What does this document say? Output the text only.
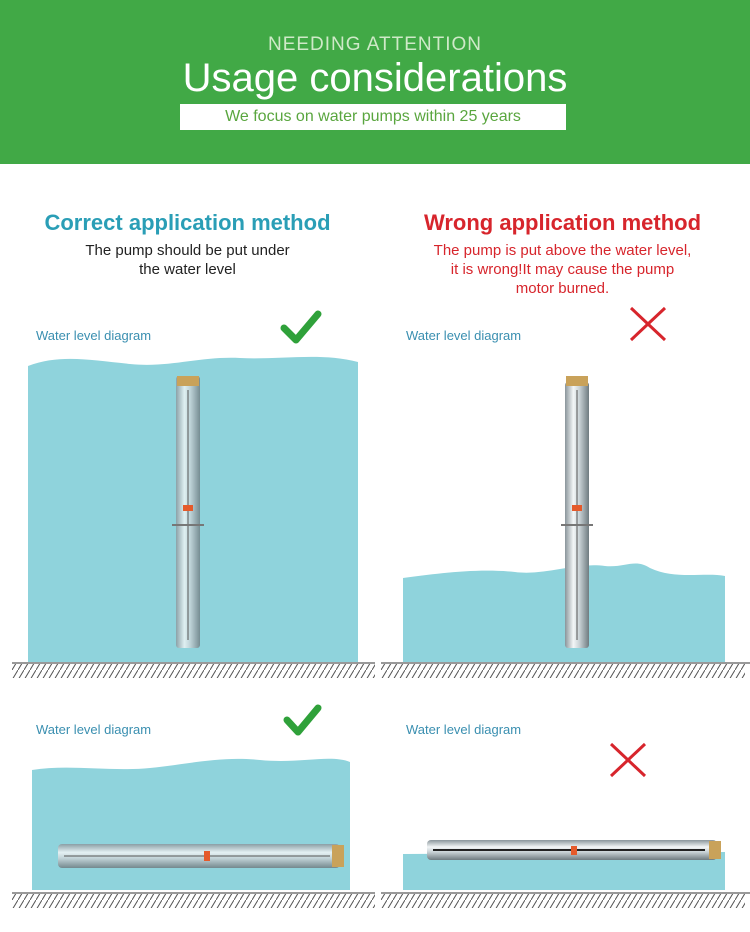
NEEDING ATTENTION
Usage considerations
We focus on water pumps within 25 years
Correct application method
The pump should be put under
the water level
Wrong application method
The pump is put above the water level,
it is wrong!It may cause the pump
motor burned.
Water level diagram	Water level diagram
Water level diagram	Water level diagram
